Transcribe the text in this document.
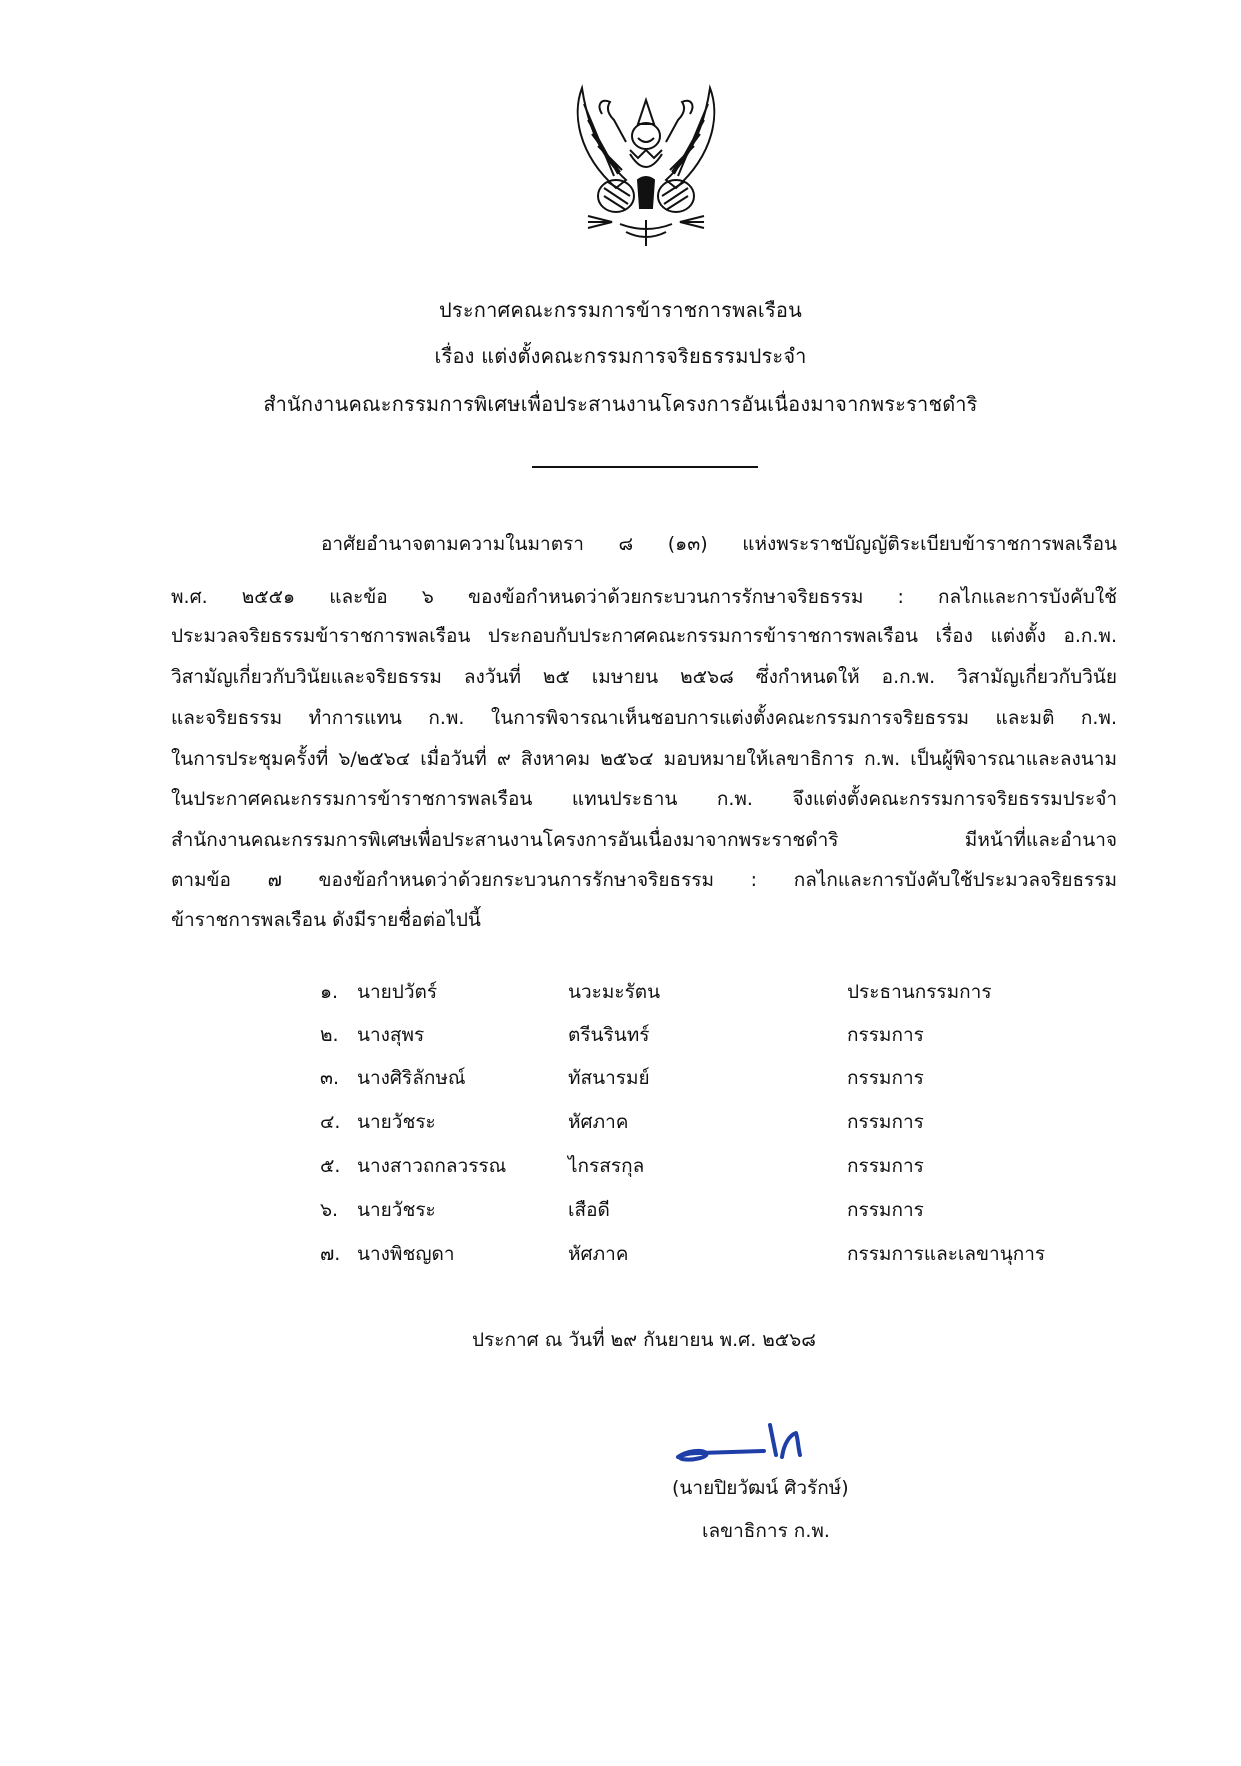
ประกาศคณะกรรมการข้าราชการพลเรือน
เรื่อง แต่งตั้งคณะกรรมการจริยธรรมประจำ
สำนักงานคณะกรรมการพิเศษเพื่อประสานงานโครงการอันเนื่องมาจากพระราชดำริ
อาศัยอำนาจตามความในมาตรา ๘ (๑๓) แห่งพระราชบัญญัติระเบียบข้าราชการพลเรือน
พ.ศ. ๒๕๕๑ และข้อ ๖ ของข้อกำหนดว่าด้วยกระบวนการรักษาจริยธรรม : กลไกและการบังคับใช้
ประมวลจริยธรรมข้าราชการพลเรือน ประกอบกับประกาศคณะกรรมการข้าราชการพลเรือน เรื่อง แต่งตั้ง อ.ก.พ.
วิสามัญเกี่ยวกับวินัยและจริยธรรม ลงวันที่ ๒๕ เมษายน ๒๕๖๘ ซึ่งกำหนดให้ อ.ก.พ. วิสามัญเกี่ยวกับวินัย
และจริยธรรม ทำการแทน ก.พ. ในการพิจารณาเห็นชอบการแต่งตั้งคณะกรรมการจริยธรรม และมติ ก.พ.
ในการประชุมครั้งที่ ๖/๒๕๖๔ เมื่อวันที่ ๙ สิงหาคม ๒๕๖๔ มอบหมายให้เลขาธิการ ก.พ. เป็นผู้พิจารณาและลงนาม
ในประกาศคณะกรรมการข้าราชการพลเรือน แทนประธาน ก.พ. จึงแต่งตั้งคณะกรรมการจริยธรรมประจำ
สำนักงานคณะกรรมการพิเศษเพื่อประสานงานโครงการอันเนื่องมาจากพระราชดำริ มีหน้าที่และอำนาจ
ตามข้อ ๗ ของข้อกำหนดว่าด้วยกระบวนการรักษาจริยธรรม : กลไกและการบังคับใช้ประมวลจริยธรรม
ข้าราชการพลเรือน ดังมีรายชื่อต่อไปนี้
๑. นายปวัตร์	นวะมะรัตน	ประธานกรรมการ
๒. นางสุพร	ตรีนรินทร์	กรรมการ
๓. นางศิริลักษณ์	ทัสนารมย์	กรรมการ
๔. นายวัชระ	หัศภาค	กรรมการ
๕. นางสาวถกลวรรณ	ไกรสรกุล	กรรมการ
๖. นายวัชระ	เสือดี	กรรมการ
๗. นางพิชญดา	หัศภาค	กรรมการและเลขานุการ
ประกาศ ณ วันที่ ๒๙ กันยายน พ.ศ. ๒๕๖๘
(นายปิยวัฒน์ ศิวรักษ์)
เลขาธิการ ก.พ.
